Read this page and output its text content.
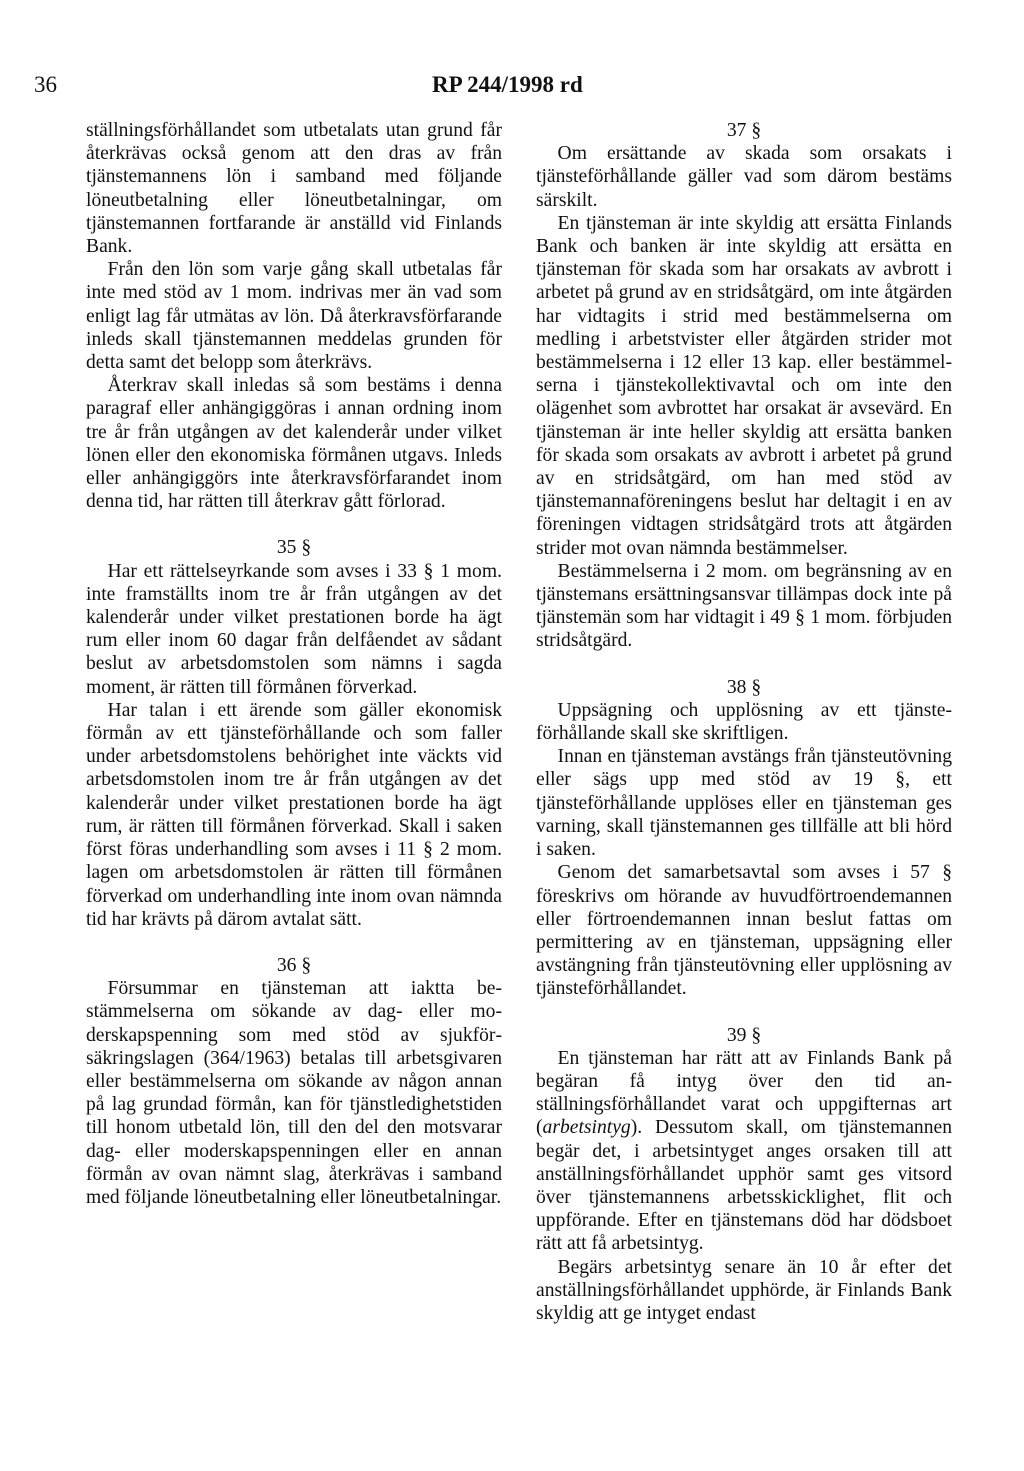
36	RP 244/1998 rd

ställningsförhållandet som utbetalats utan grund får återkrävas också genom att den dras av från tjänstemannens lön i samband med följande löneutbetalning eller löneutbetalningar, om tjänstemannen fortfarande är anställd vid Finlands Bank.

Från den lön som varje gång skall utbetalas får inte med stöd av 1 mom. indrivas mer än vad som enligt lag får utmätas av lön. Då återkravsförfarande inleds skall tjänstemannen meddelas grunden för detta samt det belopp som återkrävs.

Återkrav skall inledas så som bestäms i denna paragraf eller anhängiggöras i annan ordning inom tre år från utgången av det kalenderår under vilket lönen eller den ekonomiska förmånen utgavs. Inleds eller anhängiggörs inte återkravsförfarandet inom denna tid, har rätten till återkrav gått förlorad.

35 §

Har ett rättelseyrkande som avses i 33 § 1 mom. inte framställts inom tre år från utgången av det kalenderår under vilket prestationen borde ha ägt rum eller inom 60 dagar från delfåendet av sådant beslut av arbetsdomstolen som nämns i sagda moment, är rätten till förmånen förverkad.

Har talan i ett ärende som gäller ekonomisk förmån av ett tjänsteförhållande och som faller under arbetsdomstolens behörighet inte väckts vid arbetsdomstolen inom tre år från utgången av det kalenderår under vilket prestationen borde ha ägt rum, är rätten till förmånen förverkad. Skall i saken först föras underhandling som avses i 11 § 2 mom. lagen om arbetsdomstolen är rätten till förmånen förverkad om underhandling inte inom ovan nämnda tid har krävts på därom avtalat sätt.

36 §

Försummar en tjänsteman att iaktta bestämmelserna om sökande av dag- eller moderskapspenning som med stöd av sjukförsäkringslagen (364/1963) betalas till arbetsgivaren eller bestämmelserna om sökande av någon annan på lag grundad förmån, kan för tjänstledighetstiden till honom utbetald lön, till den del den motsvarar dag- eller moderskapspenningen eller en annan förmån av ovan nämnt slag, återkrävas i samband med följande löneutbetalning eller löneutbetalningar.

37 §

Om ersättande av skada som orsakats i tjänsteförhållande gäller vad som därom bestäms särskilt.

En tjänsteman är inte skyldig att ersätta Finlands Bank och banken är inte skyldig att ersätta en tjänsteman för skada som har orsakats av avbrott i arbetet på grund av en stridsåtgärd, om inte åtgärden har vidtagits i strid med bestämmelserna om medling i arbetstvister eller åtgärden strider mot bestämmelserna i 12 eller 13 kap. eller bestämmelserna i tjänstekollektivavtal och om inte den olägenhet som avbrottet har orsakat är avsevärd. En tjänsteman är inte heller skyldig att ersätta banken för skada som orsakats av avbrott i arbetet på grund av en stridsåtgärd, om han med stöd av tjänstemannaföreningens beslut har deltagit i en av föreningen vidtagen stridsåtgärd trots att åtgärden strider mot ovan nämnda bestämmelser.

Bestämmelserna i 2 mom. om begränsning av en tjänstemans ersättningsansvar tillämpas dock inte på tjänstemän som har vidtagit i 49 § 1 mom. förbjuden stridsåtgärd.

38 §

Uppsägning och upplösning av ett tjänsteförhållande skall ske skriftligen.

Innan en tjänsteman avstängs från tjänsteutövning eller sägs upp med stöd av 19 §, ett tjänsteförhållande upplöses eller en tjänsteman ges varning, skall tjänstemannen ges tillfälle att bli hörd i saken.

Genom det samarbetsavtal som avses i 57 § föreskrivs om hörande av huvudförtroendemannen eller förtroendemannen innan beslut fattas om permittering av en tjänsteman, uppsägning eller avstängning från tjänsteutövning eller upplösning av tjänsteförhållandet.

39 §

En tjänsteman har rätt att av Finlands Bank på begäran få intyg över den tid anställningsförhållandet varat och uppgifternas art (arbetsintyg). Dessutom skall, om tjänstemannen begär det, i arbetsintyget anges orsaken till att anställningsförhållandet upphör samt ges vitsord över tjänstemannens arbetsskicklighet, flit och uppförande. Efter en tjänstemans död har dödsboet rätt att få arbetsintyg.

Begärs arbetsintyg senare än 10 år efter det anställningsförhållandet upphörde, är Finlands Bank skyldig att ge intyget endast
